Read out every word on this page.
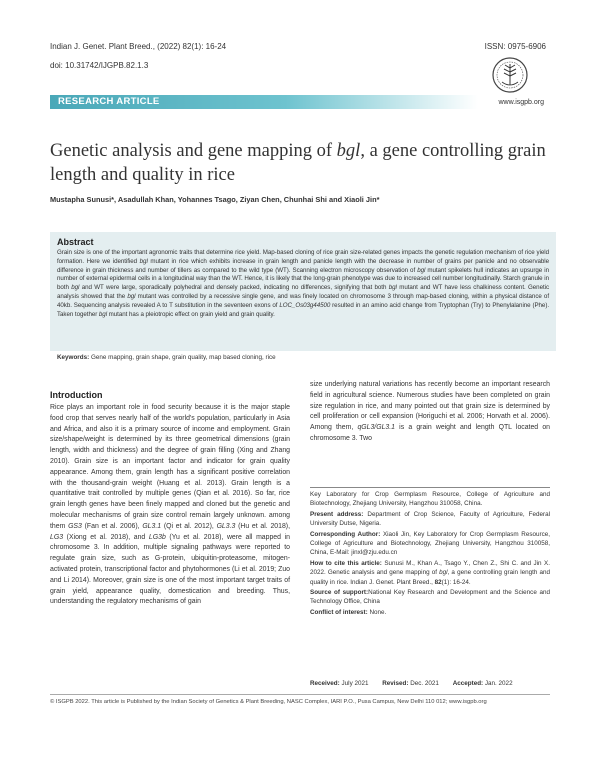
Indian J. Genet. Plant Breed., (2022) 82(1): 16-24
doi: 10.31742/IJGPB.82.1.3
ISSN: 0975-6906
www.isgpb.org
RESEARCH ARTICLE
Genetic analysis and gene mapping of bgl, a gene controlling grain length and quality in rice
Mustapha Sunusi*, Asadullah Khan, Yohannes Tsago, Ziyan Chen, Chunhai Shi and Xiaoli Jin*
Abstract

Grain size is one of the important agronomic traits that determine rice yield. Map-based cloning of rice grain size-related genes impacts the genetic regulation mechanism of rice yield formation. Here we identified bgl mutant in rice which exhibits increase in grain length and panicle length with the decrease in number of grains per panicle and no observable difference in grain thickness and number of tillers as compared to the wild type (WT). Scanning electron microscopy observation of bgl mutant spikelets hull indicates an upsurge in number of external epidermal cells in a longitudinal way than the WT. Hence, it is likely that the long-grain phenotype was due to increased cell number longitudinally. Starch granule in both bgl and WT were large, sporadically polyhedral and densely packed, indicating no differences, signifying that both bgl mutant and WT have less chalkiness content. Genetic analysis showed that the bgl mutant was controlled by a recessive single gene, and was finely located on chromosome 3 through map-based cloning, within a physical distance of 40kb. Sequencing analysis revealed A to T substitution in the seventeen exons of LOC_Os03g44500 resulted in an amino acid change from Tryptophan (Try) to Phenylalanine (Phe). Taken together bgl mutant has a pleiotropic effect on grain yield and grain quality.

Keywords: Gene mapping, grain shape, grain quality, map based cloning, rice
Introduction
Rice plays an important role in food security because it is the major staple food crop that serves nearly half of the world's population, particularly in Asia and Africa, and also it is a primary source of income and employment. Grain size/shape/weight is determined by its three geometrical dimensions (grain length, width and thickness) and the degree of grain filling (Xing and Zhang 2010). Grain size is an important factor and indicator for grain quality appearance. Among them, grain length has a significant positive correlation with the thousand-grain weight (Huang et al. 2013). Grain length is a quantitative trait controlled by multiple genes (Qian et al. 2016). So far, rice grain length genes have been finely mapped and cloned but the genetic and molecular mechanisms of grain size control remain largely unknown. among them GS3 (Fan et al. 2006), GL3.1 (Qi et al. 2012), GL3.3 (Hu et al. 2018), LG3 (Xiong et al. 2018), and LG3b (Yu et al. 2018), were all mapped in chromosome 3. In addition, multiple signaling pathways were reported to regulate grain size, such as G-protein, ubiquitin-proteasome, mitogen-activated protein, transcriptional factor and phytohormones (Li et al. 2019; Zuo and Li 2014). Moreover, grain size is one of the most important target traits of grain yield, appearance quality, domestication and breeding. Thus, understanding the regulatory mechanisms of gain
size underlying natural variations has recently become an important research field in agricultural science. Numerous studies have been completed on grain size regulation in rice, and many pointed out that grain size is determined by cell proliferation or cell expansion (Horiguchi et al. 2006; Horvath et al. 2006). Among them, qGL3/GL3.1 is a grain weight and length QTL located on chromosome 3. Two

Key Laboratory for Crop Germplasm Resource, College of Agriculture and Biotechnology, Zhejiang University, Hangzhou 310058, China.

Present address: Department of Crop Science, Faculty of Agriculture, Federal University Dutse, Nigeria.

Corresponding Author: Xiaoli Jin, Key Laboratory for Crop Germplasm Resource, College of Agriculture and Biotechnology, Zhejiang University, Hangzhou 310058, China, E-Mail: jinxl@zju.edu.cn

How to cite this article: Sunusi M., Khan A., Tsago Y., Chen Z., Shi C. and Jin X. 2022. Genetic analysis and gene mapping of bgl, a gene controlling grain length and quality in rice. Indian J. Genet. Plant Breed., 82(1): 16-24.

Source of support:National Key Research and Development and the Science and Technology Office, China

Conflict of interest: None.

Received: July 2021 Revised: Dec. 2021 Accepted: Jan. 2022
© ISGPB 2022. This article is Published by the Indian Society of Genetics & Plant Breeding, NASC Complex, IARI P.O., Pusa Campus, New Delhi 110 012; www.isgpb.org
